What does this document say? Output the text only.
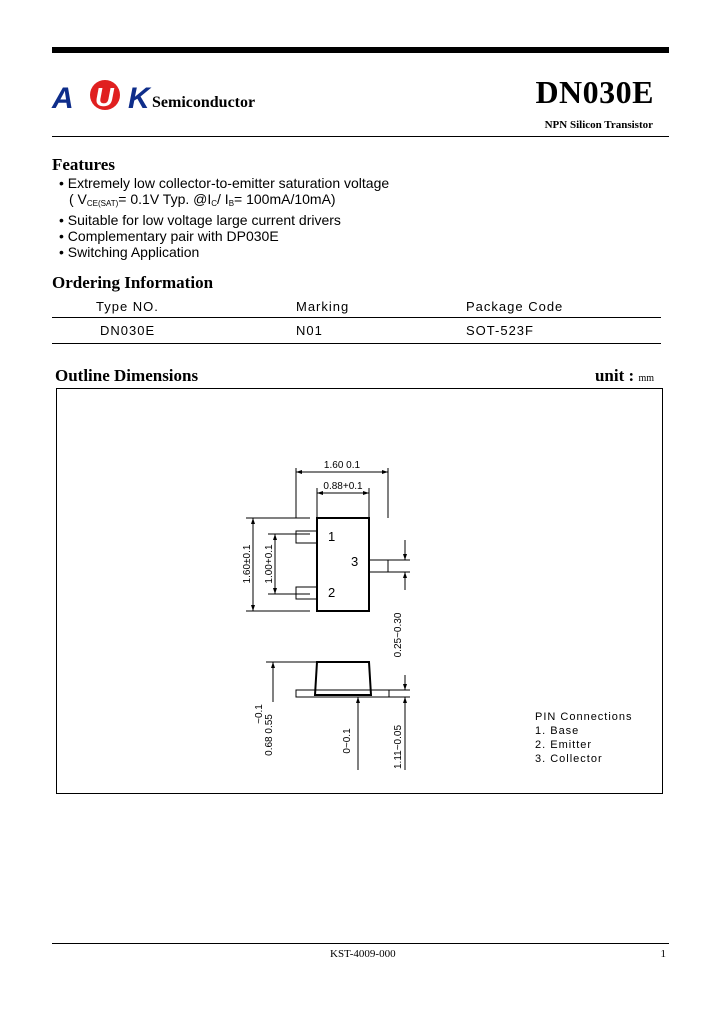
A U K Semiconductor	DN030E
NPN Silicon Transistor
Features
• Extremely low collector-to-emitter saturation voltage
( $V_{CE(SAT)}= 0.1V$ Typ. $@I_C/$ $I_B= 100mA/10mA$)
• Suitable for low voltage large current drivers
• Complementary pair with DP030E
• Switching Application
Ordering Information
Type NO.	Marking	Package Code
DN030E	N01	SOT-523F
Outline Dimensions	unit : mm
1.60 0.1
0.88+0.1
1.60±0.1 1.00+0.1
0.25~0.30
1
2
3
~0.1
0.68 0.55	0~0.1	1.11~0.05
PIN Connections
1. Base
2. Emitter
3. Collector
KST-4009-000	1
